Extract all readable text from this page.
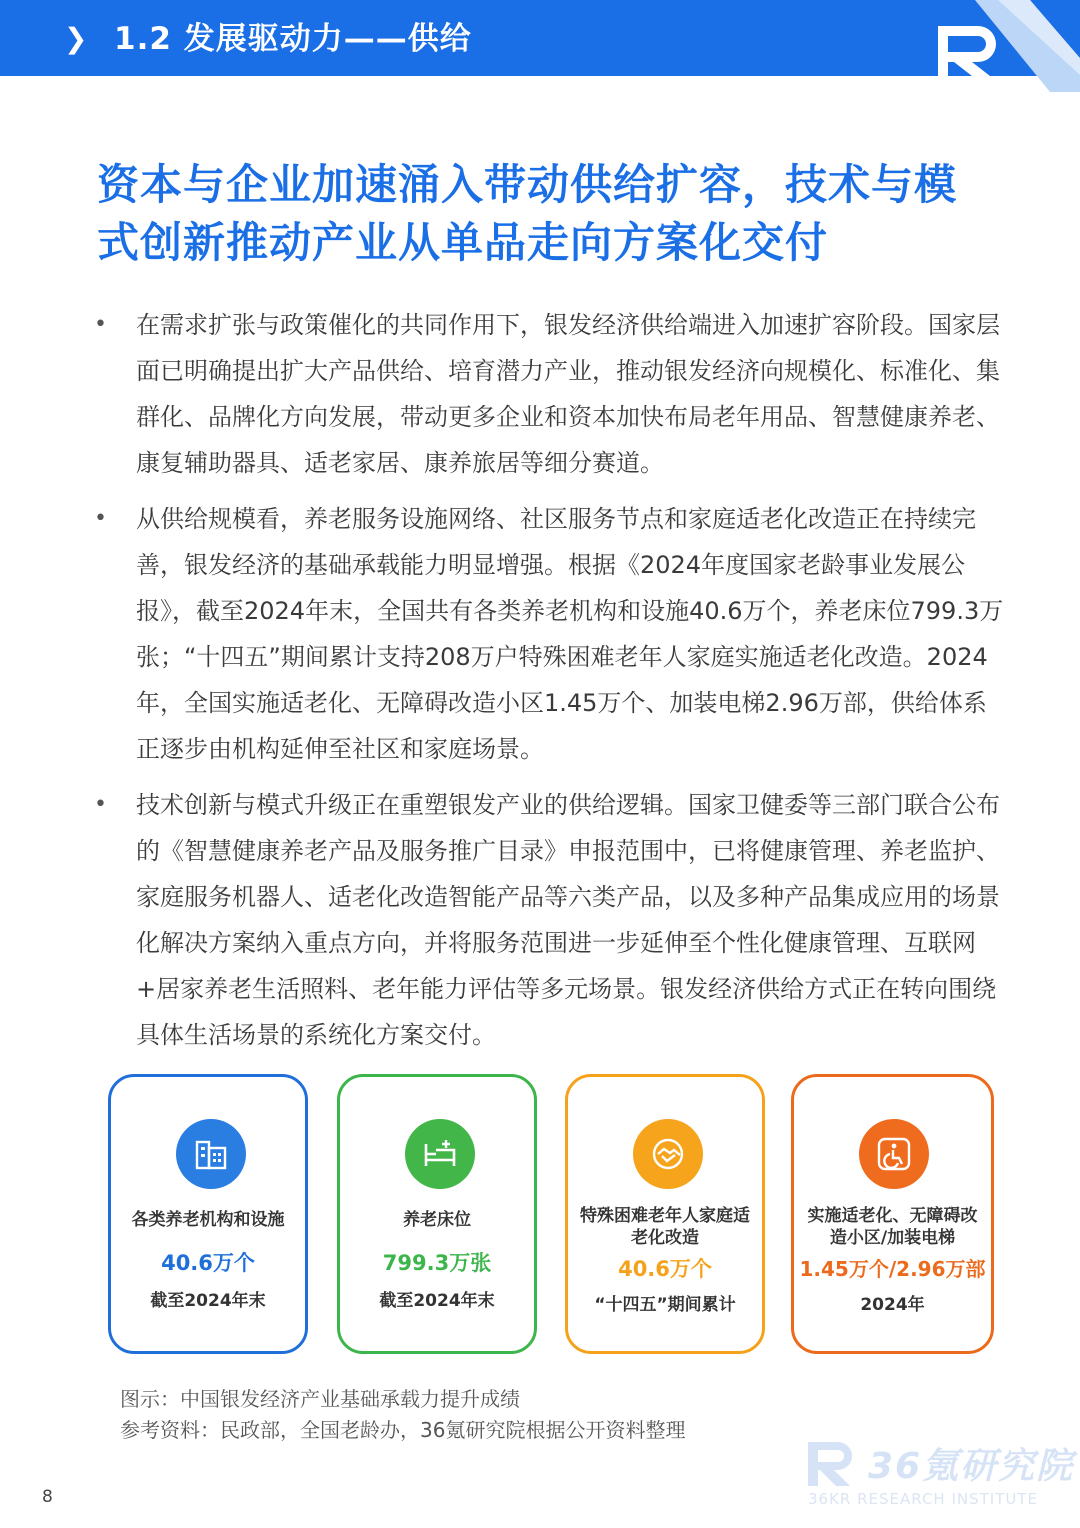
❯ 1.2 发展驱动力——供给
资本与企业加速涌入带动供给扩容，技术与模式创新推动产业从单品走向方案化交付
• 在需求扩张与政策催化的共同作用下，银发经济供给端进入加速扩容阶段。国家层面已明确提出扩大产品供给、培育潜力产业，推动银发经济向规模化、标准化、集群化、品牌化方向发展，带动更多企业和资本加快布局老年用品、智慧健康养老、康复辅助器具、适老家居、康养旅居等细分赛道。
• 从供给规模看，养老服务设施网络、社区服务节点和家庭适老化改造正在持续完善，银发经济的基础承载能力明显增强。根据《2024年度国家老龄事业发展公报》，截至2024年末，全国共有各类养老机构和设施40.6万个，养老床位799.3万张；“十四五”期间累计支持208万户特殊困难老年人家庭实施适老化改造。2024年，全国实施适老化、无障碍改造小区1.45万个、加装电梯2.96万部，供给体系正逐步由机构延伸至社区和家庭场景。
• 技术创新与模式升级正在重塑银发产业的供给逻辑。国家卫健委等三部门联合公布的《智慧健康养老产品及服务推广目录》申报范围中，已将健康管理、养老监护、家庭服务机器人、适老化改造智能产品等六类产品，以及多种产品集成应用的场景化解决方案纳入重点方向，并将服务范围进一步延伸至个性化健康管理、互联网+居家养老生活照料、老年能力评估等多元场景。银发经济供给方式正在转向围绕具体生活场景的系统化方案交付。
各类养老机构和设施
40.6万个
截至2024年末
养老床位
799.3万张
截至2024年末
特殊困难老年人家庭适老化改造
40.6万个
“十四五”期间累计
实施适老化、无障碍改造小区/加装电梯
1.45万个/2.96万部
2024年
图示：中国银发经济产业基础承载力提升成绩
参考资料：民政部，全国老龄办，36氪研究院根据公开资料整理
36氪研究院
36KR RESEARCH INSTITUTE
8
